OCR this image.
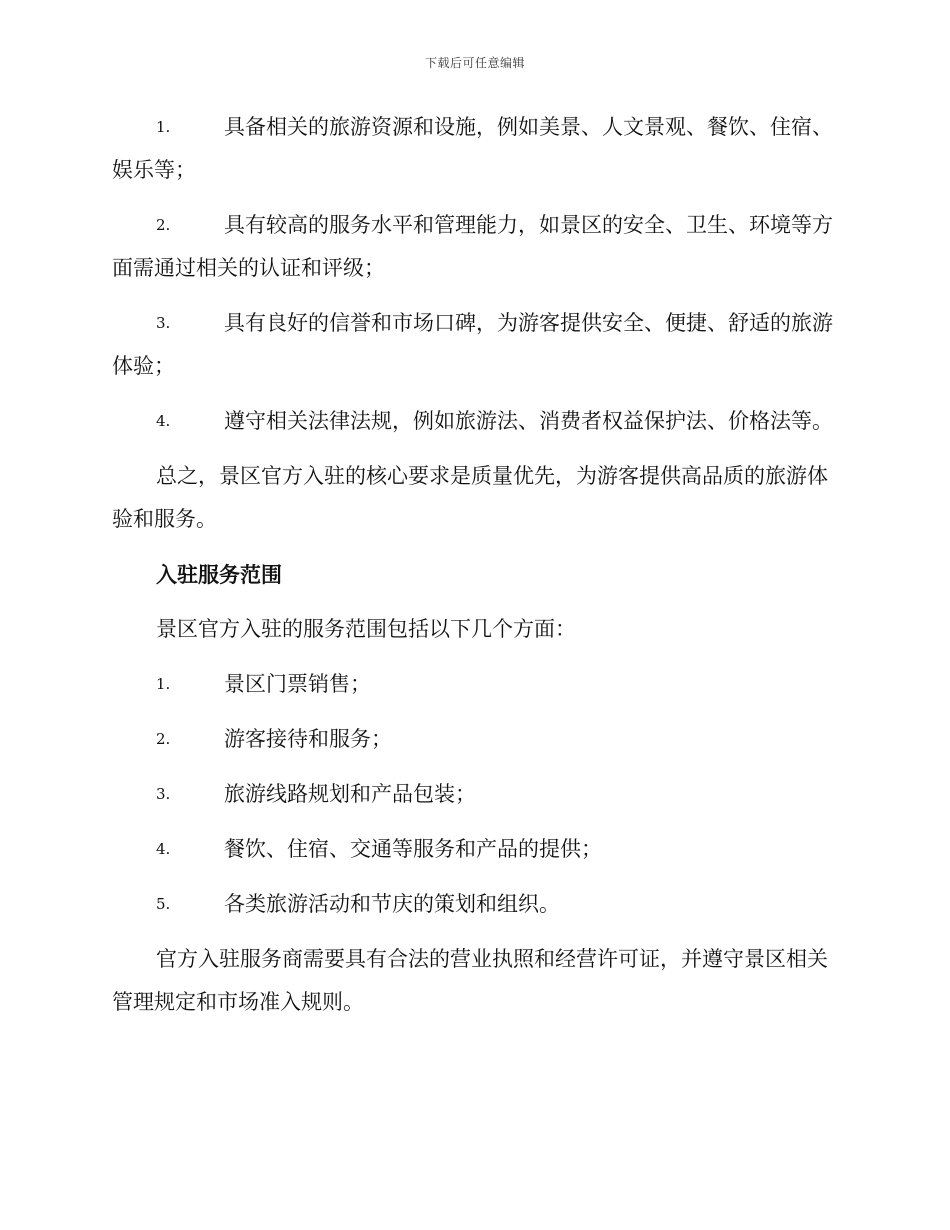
下载后可任意编辑
1.	具备相关的旅游资源和设施，例如美景、人文景观、餐饮、住宿、娱乐等；
2.	具有较高的服务水平和管理能力，如景区的安全、卫生、环境等方面需通过相关的认证和评级；
3.	具有良好的信誉和市场口碑，为游客提供安全、便捷、舒适的旅游体验；
4.	遵守相关法律法规，例如旅游法、消费者权益保护法、价格法等。

总之，景区官方入驻的核心要求是质量优先，为游客提供高品质的旅游体验和服务。

入驻服务范围

景区官方入驻的服务范围包括以下几个方面：

1.	景区门票销售；
2.	游客接待和服务；
3.	旅游线路规划和产品包装；
4.	餐饮、住宿、交通等服务和产品的提供；
5.	各类旅游活动和节庆的策划和组织。

官方入驻服务商需要具有合法的营业执照和经营许可证，并遵守景区相关管理规定和市场准入规则。
